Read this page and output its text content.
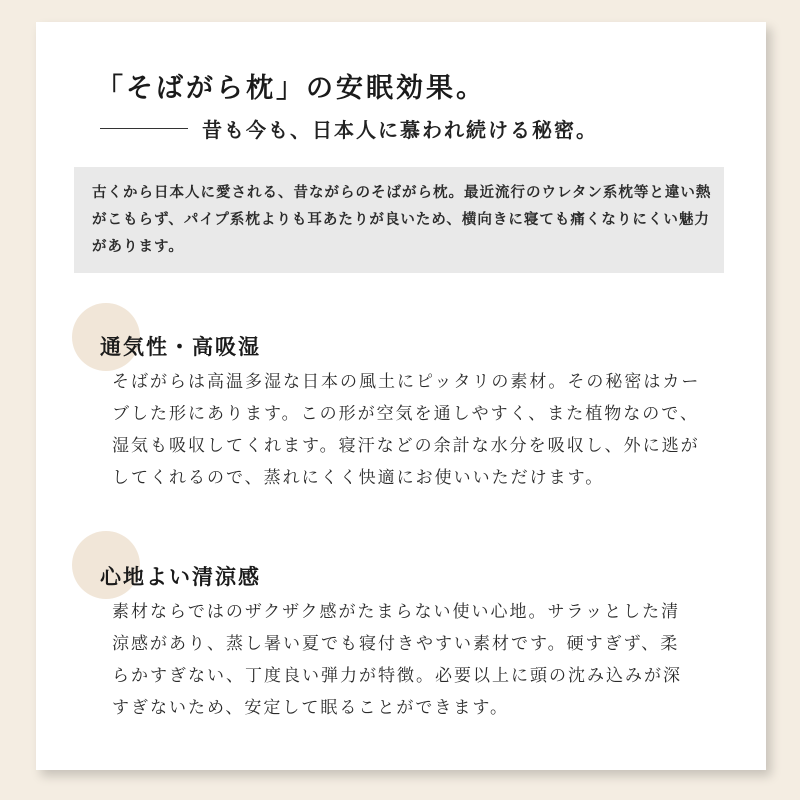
「そばがら枕」の安眠効果。
昔も今も、日本人に慕われ続ける秘密。

古くから日本人に愛される、昔ながらのそばがら枕。最近流行のウレタン系枕等と違い熱がこもらず、パイプ系枕よりも耳あたりが良いため、横向きに寝ても痛くなりにくい魅力があります。

通気性・高吸湿

そばがらは高温多湿な日本の風土にピッタリの素材。その秘密はカーブした形にあります。この形が空気を通しやすく、また植物なので、湿気も吸収してくれます。寝汗などの余計な水分を吸収し、外に逃がしてくれるので、蒸れにくく快適にお使いいただけます。

心地よい清涼感

素材ならではのザクザク感がたまらない使い心地。サラッとした清涼感があり、蒸し暑い夏でも寝付きやすい素材です。硬すぎず、柔らかすぎない、丁度良い弾力が特徴。必要以上に頭の沈み込みが深すぎないため、安定して眠ることができます。
